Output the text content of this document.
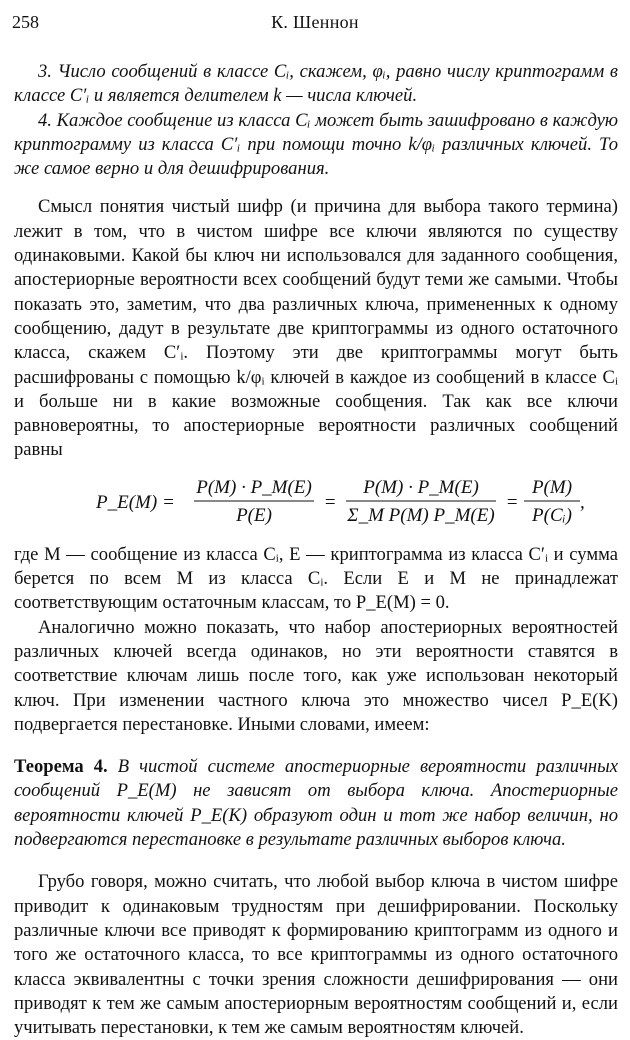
258	К. Шеннон

3. Число сообщений в классе Cᵢ, скажем, φᵢ, равно числу криптограмм в классе C′ᵢ и является делителем k — числа ключей.

4. Каждое сообщение из класса Cᵢ может быть зашифровано в каждую криптограмму из класса C′ᵢ при помощи точно k/φᵢ различных ключей. То же самое верно и для дешифрирования.

Смысл понятия чистый шифр (и причина для выбора такого термина) лежит в том, что в чистом шифре все ключи являются по существу одинаковыми. Какой бы ключ ни использовался для заданного сообщения, апостериорные вероятности всех сообщений будут теми же самыми. Чтобы показать это, заметим, что два различных ключа, примененных к одному сообщению, дадут в результате две криптограммы из одного остаточного класса, скажем C′ᵢ. Поэтому эти две криптограммы могут быть расшифрованы с помощью k/φᵢ ключей в каждое из сообщений в классе Cᵢ и больше ни в какие возможные сообщения. Так как все ключи равновероятны, то апостериорные вероятности различных сообщений равны

P_E(M) =
P(M) · P_M(E)
P(E)
=
P(M) · P_M(E)
Σ_M P(M) P_M(E)
=
P(M)
P(Cᵢ)
,

где M — сообщение из класса Cᵢ, E — криптограмма из класса C′ᵢ и сумма берется по всем M из класса Cᵢ. Если E и M не принадлежат соответствующим остаточным классам, то P_E(M) = 0.

Аналогично можно показать, что набор апостериорных вероятностей различных ключей всегда одинаков, но эти вероятности ставятся в соответствие ключам лишь после того, как уже использован некоторый ключ. При изменении частного ключа это множество чисел P_E(K) подвергается перестановке. Иными словами, имеем:

Теорема 4. В чистой системе апостериорные вероятности различных сообщений P_E(M) не зависят от выбора ключа. Апостериорные вероятности ключей P_E(K) образуют один и тот же набор величин, но подвергаются перестановке в результате различных выборов ключа.

Грубо говоря, можно считать, что любой выбор ключа в чистом шифре приводит к одинаковым трудностям при дешифрировании. Поскольку различные ключи все приводят к формированию криптограмм из одного и того же остаточного класса, то все криптограммы из одного остаточного класса эквивалентны с точки зрения сложности дешифрирования — они приводят к тем же самым апостериорным вероятностям сообщений и, если учитывать перестановки, к тем же самым вероятностям ключей.
